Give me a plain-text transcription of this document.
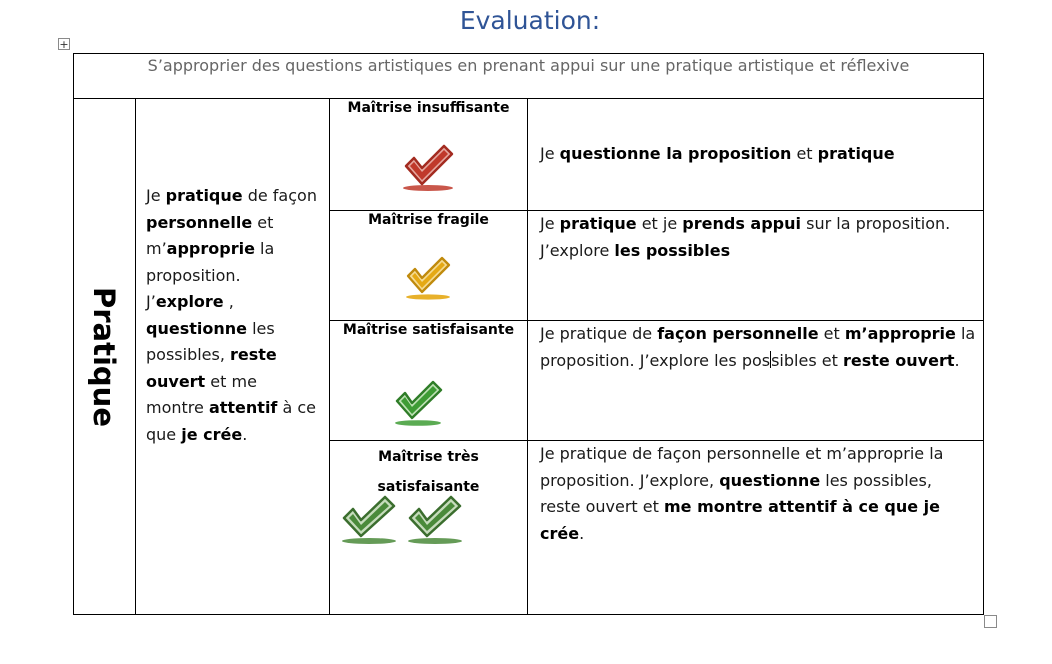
Evaluation:
+
S’approprier des questions artistiques en prenant appui sur une pratique artistique et réflexive
Pratique
Je pratique de façon
personnelle et
m’approprie la
proposition.
J’explore ,
questionne les
possibles, reste
ouvert et me
montre attentif à ce
que je crée.
Maîtrise insuffisante
Je questionne la proposition et pratique
Maîtrise fragile	Je pratique et je prends appui sur la proposition.
J’explore les possibles
Maîtrise satisfaisante	Je pratique de façon personnelle et m’approprie la
proposition. J’explore les possibles et reste ouvert.
Maîtrise très
satisfaisante
Je pratique de façon personnelle et m’approprie la
proposition. J’explore, questionne les possibles,
reste ouvert et me montre attentif à ce que je crée.
